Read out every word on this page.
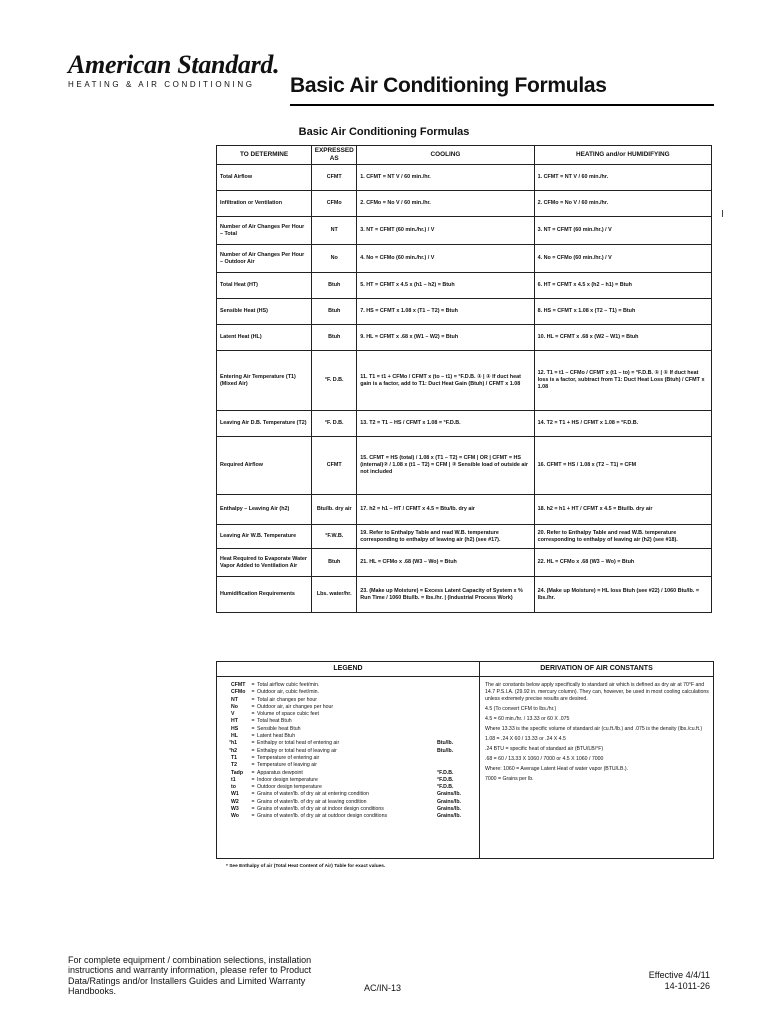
American Standard.
HEATING & AIR CONDITIONING Basic Air Conditioning Formulas
Basic Air Conditioning Formulas
TO DETERMINE	EXPRESSED AS	COOLING	HEATING and/or HUMIDIFYING
Total Airflow	CFMT	1. CFMT = NT V / 60 min./hr.	1. CFMT = NT V / 60 min./hr.
Infiltration or Ventilation	CFMo	2. CFMo = No V / 60 min./hr.	2. CFMo = No V / 60 min./hr.
Number of Air Changes Per Hour – Total	NT	3. NT = CFMT (60 min./hr.) / V	3. NT = CFMT (60 min./hr.) / V
Number of Air Changes Per Hour – Outdoor Air	No	4. No = CFMo (60 min./hr.) / V	4. No = CFMo (60 min./hr.) / V
Total Heat (HT)	Btuh	5. HT = CFMT x 4.5 x (h1 – h2) = Btuh	6. HT = CFMT x 4.5 x (h2 – h1) = Btuh
Sensible Heat (HS)	Btuh	7. HS = CFMT x 1.08 x (T1 – T2) = Btuh	8. HS = CFMT x 1.08 x (T2 – T1) = Btuh
Latent Heat (HL)	Btuh	9. HL = CFMT x .68 x (W1 – W2) = Btuh	10. HL = CFMT x .68 x (W2 – W1) = Btuh
Entering Air Temperature (T1) (Mixed Air)	°F. D.B.	11. T1 = t1 + CFMo / CFMT x (to – t1) = °F.D.B. ① | ① If duct heat gain is a factor, add to T1: Duct Heat Gain (Btuh) / CFMT x 1.08	12. T1 = t1 – CFMo / CFMT x (t1 – to) = °F.D.B. ① | ① If duct heat loss is a factor, subtract from T1: Duct Heat Loss (Btuh) / CFMT x 1.08
Leaving Air D.B. Temperature (T2)	°F. D.B.	13. T2 = T1 – HS / CFMT x 1.08 = °F.D.B.	14. T2 = T1 + HS / CFMT x 1.08 = °F.D.B.
Required Airflow	CFMT	15. CFMT = HS (total) / 1.08 x (T1 – T2) = CFM | OR | CFMT = HS (internal)② / 1.08 x (t1 – T2) = CFM | ② Sensible load of outside air not included	16. CFMT = HS / 1.08 x (T2 – T1) = CFM
Enthalpy – Leaving Air (h2)	Btu/lb. dry air	17. h2 = h1 – HT / CFMT x 4.5 = Btu/lb. dry air	18. h2 = h1 + HT / CFMT x 4.5 = Btu/lb. dry air
Leaving Air W.B. Temperature	°F.W.B.	19. Refer to Enthalpy Table and read W.B. temperature corresponding to enthalpy of leaving air (h2) (see #17).	20. Refer to Enthalpy Table and read W.B. temperature corresponding to enthalpy of leaving air (h2) (see #18).
Heat Required to Evaporate Water Vapor Added to Ventilation Air	Btuh	21. HL = CFMo x .68 (W3 – Wo) = Btuh	22. HL = CFMo x .68 (W3 – Wo) = Btuh
Humidification Requirements	Lbs. water/hr.	23. (Make up Moisture) = Excess Latent Capacity of System x % Run Time / 1060 Btu/lb. = lbs./hr. | (Industrial Process Work)	24. (Make up Moisture) = HL loss Btuh (see #22) / 1060 Btu/lb. = lbs./hr.
LEGEND	DERIVATION OF AIR CONSTANTS
CFMT	= Total airflow cubic feet/min.
CFMo	= Outdoor air, cubic feet/min.
NT	= Total air changes per hour
No	= Outdoor air, air changes per hour
V	= Volume of space cubic feet
HT	= Total heat Btuh
HS	= Sensible heat Btuh
HL	= Latent heat Btuh
* h1	= Enthalpy or total heat of entering air	Btu/lb.
* h2	= Enthalpy or total heat of leaving air	Btu/lb.
T1	= Temperature of entering air
T2	= Temperature of leaving air
Tadp	= Apparatus dewpoint	°F.D.B.
t1	= Indoor design temperature	°F.D.B.
to	= Outdoor design temperature	°F.D.B.
W1	= Grains of water/lb. of dry air at entering condition	Grains/lb.
W2	= Grains of water/lb. of dry air at leaving condition	Grains/lb.
W3	= Grains of water/lb. of dry air at indoor design conditions	Grains/lb.
Wo	= Grains of water/lb. of dry air at outdoor design conditions	Grains/lb.

The air constants below apply specifically to standard air which is defined as dry air at 70°F and 14.7 P.S.I.A. (29.92 in. mercury column). They can, however, be used in most cooling calculations unless extremely precise results are desired.

4.5 (To convert CFM to lbs./hr.)

4.5 = 60 min./hr. / 13.33 or 60 X .075

Where 13.33 is the specific volume of standard air (cu.ft./lb.) and .075 is the density (lbs./cu.ft.)

1.08 = .24 X 60 / 13.33 or .24 X 4.5

.24 BTU = specific heat of standard air (BTU/LB/°F)

.68 = 60 / 13.33 X 1060 / 7000 or 4.5 X 1060 / 7000

Where: 1060 = Average Latent Heat of water vapor (BTU/LB.).

7000 = Grains per lb.

* See Enthalpy of air (Total Heat Content of Air) Table for exact values.
For complete equipment / combination selections, installation instructions and warranty information, please refer to Product Data/Ratings and/or Installers Guides and Limited Warranty Handbooks.	AC/IN-13
Effective 4/4/11
14-1011-26
